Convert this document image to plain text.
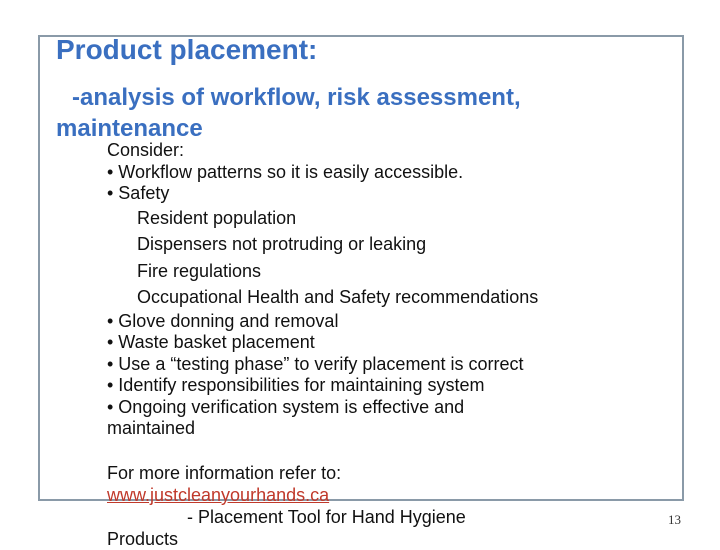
Product placement:
-analysis of workflow, risk assessment,
maintenance
Consider:
• Workflow patterns so it is easily accessible.
• Safety
Resident population
Dispensers not protruding or leaking
Fire regulations
Occupational Health and Safety recommendations
• Glove donning and removal
• Waste basket placement
• Use a “testing phase” to verify placement is correct
• Identify responsibilities for maintaining system
• Ongoing verification system is effective and
maintained
For more information refer to:
www.justcleanyourhands.ca
- Placement Tool for Hand Hygiene
Products
13
